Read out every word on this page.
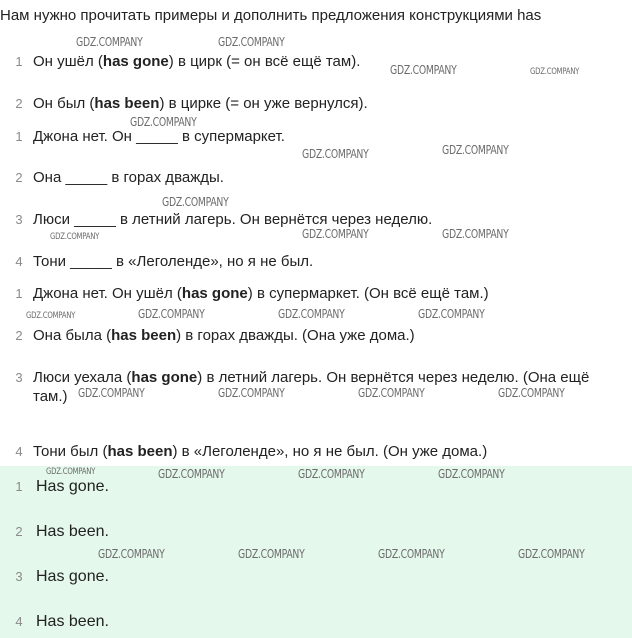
Нам нужно прочитать примеры и дополнить предложения конструкциями has
1 Он ушёл (has gone) в цирк (= он всё ещё там).
2 Он был (has been) в цирке (= он уже вернулся).
1 Джона нет. Он _____ в супермаркет.
2 Она _____ в горах дважды.
3 Люси _____ в летний лагерь. Он вернётся через неделю.
4 Тони _____ в «Леголенде», но я не был.
1 Джона нет. Он ушёл (has gone) в супермаркет. (Он всё ещё там.)
2 Она была (has been) в горах дважды. (Она уже дома.)
3 Люси уехала (has gone) в летний лагерь. Он вернётся через неделю. (Она ещё там.)
4 Тони был (has been) в «Леголенде», но я не был. (Он уже дома.)
1 Has gone.
2 Has been.
3 Has gone.
4 Has been.
GDZ.COMPANY	GDZ.COMPANY
GDZ.COMPANY	GDZ.COMPANY
GDZ.COMPANY
GDZ.COMPANY	GDZ.COMPANY
GDZ.COMPANY
GDZ.COMPANY	GDZ.COMPANY	GDZ.COMPANY
GDZ.COMPANY	GDZ.COMPANY	GDZ.COMPANY	GDZ.COMPANY
GDZ.COMPANY	GDZ.COMPANY	GDZ.COMPANY	GDZ.COMPANY
GDZ.COMPANY	GDZ.COMPANY	GDZ.COMPANY	GDZ.COMPANY
GDZ.COMPANY	GDZ.COMPANY	GDZ.COMPANY	GDZ.COMPANY
